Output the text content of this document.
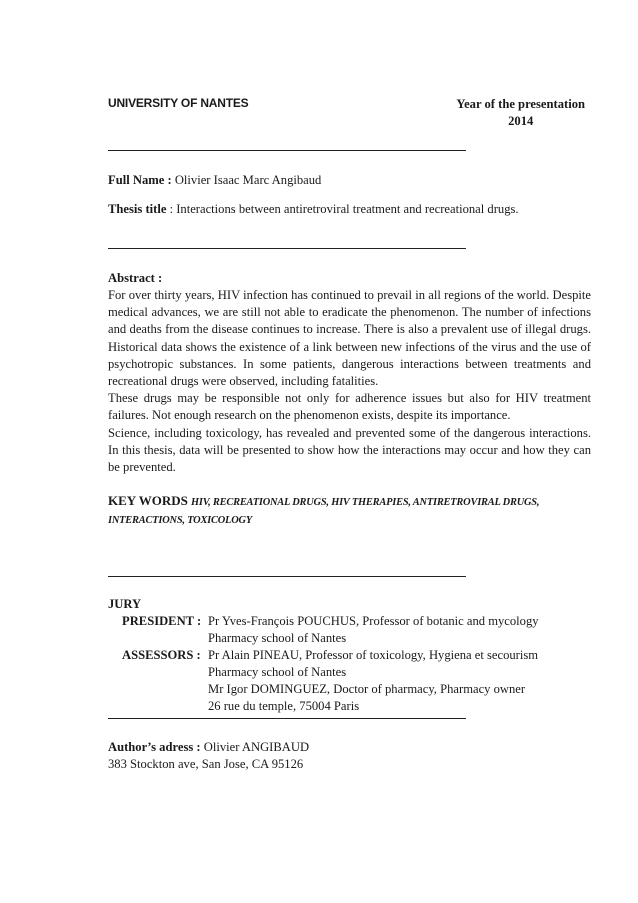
UNIVERSITY OF NANTES	Year of the presentation
2014
Full Name : Olivier Isaac Marc Angibaud
Thesis title : Interactions between antiretroviral treatment and recreational drugs.
Abstract :

For over thirty years, HIV infection has continued to prevail in all regions of the world. Despite medical advances, we are still not able to eradicate the phenomenon. The number of infections and deaths from the disease continues to increase. There is also a prevalent use of illegal drugs. Historical data shows the existence of a link between new infections of the virus and the use of psychotropic substances. In some patients, dangerous interactions between treatments and recreational drugs were observed, including fatalities.

These drugs may be responsible not only for adherence issues but also for HIV treatment failures. Not enough research on the phenomenon exists, despite its importance.

Science, including toxicology, has revealed and prevented some of the dangerous interactions. In this thesis, data will be presented to show how the interactions may occur and how they can be prevented.

KEY WORDS HIV, RECREATIONAL DRUGS, HIV THERAPIES, ANTIRETROVIRAL DRUGS, INTERACTIONS, TOXICOLOGY
JURY
PRESIDENT : Pr Yves-François POUCHUS, Professor of botanic and mycology
Pharmacy school of Nantes
ASSESSORS : Pr Alain PINEAU, Professor of toxicology, Hygiena et secourism
Pharmacy school of Nantes
Mr Igor DOMINGUEZ, Doctor of pharmacy, Pharmacy owner
26 rue du temple, 75004 Paris
Author’s adress : Olivier ANGIBAUD
383 Stockton ave, San Jose, CA 95126
